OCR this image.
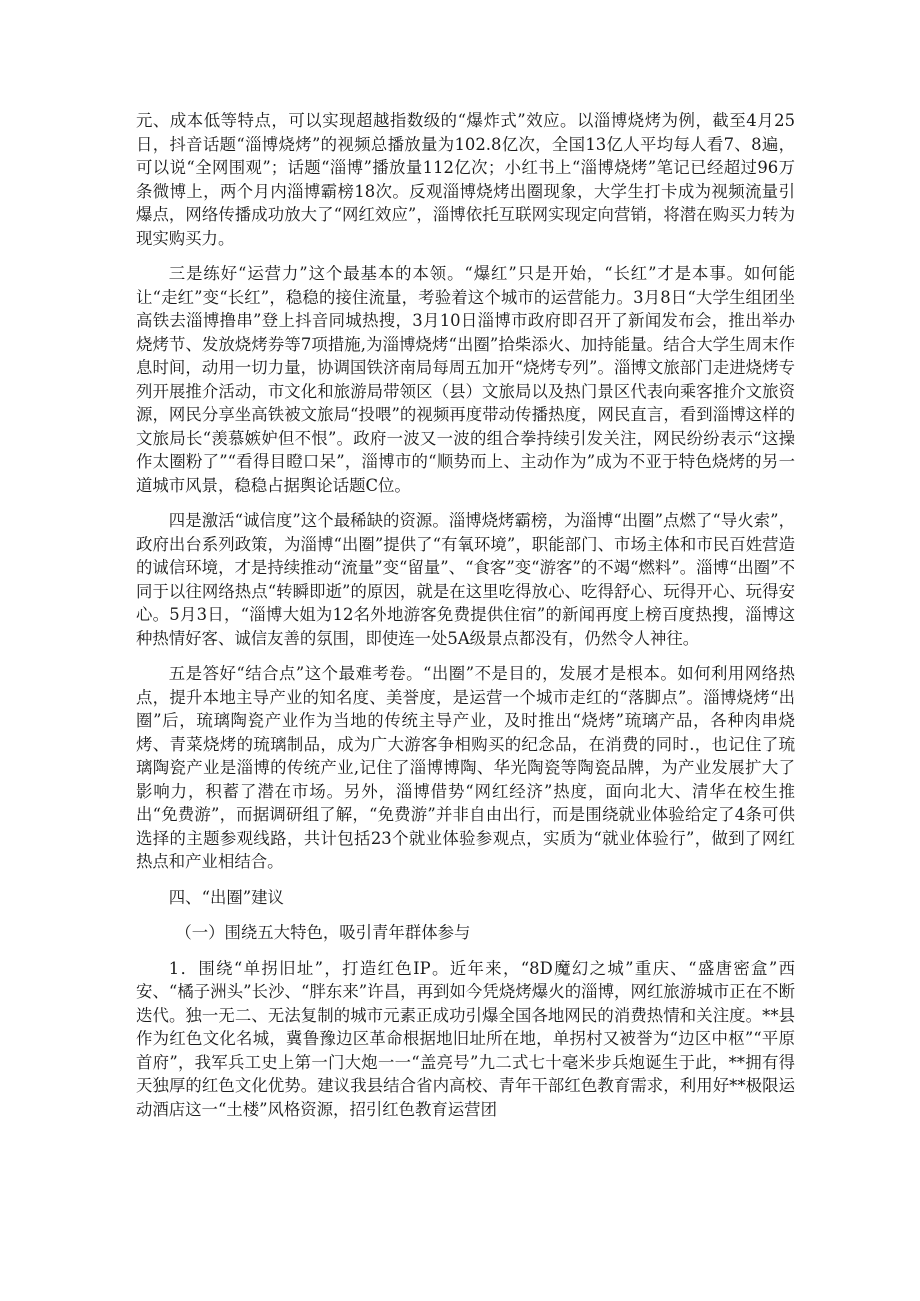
元、成本低等特点，可以实现超越指数级的“爆炸式”效应。以淄博烧烤为例，截至4月25日，抖音话题“淄博烧烤”的视频总播放量为102.8亿次，全国13亿人平均每人看7、8遍，可以说“全网围观”；话题“淄博”播放量112亿次；小红书上“淄博烧烤”笔记已经超过96万条微博上，两个月内淄博霸榜18次。反观淄博烧烤出圈现象，大学生打卡成为视频流量引爆点，网络传播成功放大了“网红效应”，淄博依托互联网实现定向营销，将潜在购买力转为现实购买力。

三是练好“运营力”这个最基本的本领。“爆红”只是开始，“长红”才是本事。如何能让“走红”变“长红”，稳稳的接住流量，考验着这个城市的运营能力。3月8日“大学生组团坐高铁去淄博撸串”登上抖音同城热搜，3月10日淄博市政府即召开了新闻发布会，推出举办烧烤节、发放烧烤券等7项措施,为淄博烧烤“出圈”拾柴添火、加持能量。结合大学生周末作息时间，动用一切力量，协调国铁济南局每周五加开“烧烤专列”。淄博文旅部门走进烧烤专列开展推介活动，市文化和旅游局带领区（县）文旅局以及热门景区代表向乘客推介文旅资源，网民分享坐高铁被文旅局“投喂”的视频再度带动传播热度，网民直言，看到淄博这样的文旅局长“羡慕嫉妒但不恨”。政府一波又一波的组合拳持续引发关注，网民纷纷表示“这操作太圈粉了”“看得目瞪口呆”，淄博市的“顺势而上、主动作为”成为不亚于特色烧烤的另一道城市风景，稳稳占据舆论话题C位。

四是激活“诚信度”这个最稀缺的资源。淄博烧烤霸榜，为淄博“出圈”点燃了“导火索”，政府出台系列政策，为淄博“出圈”提供了“有氧环境”，职能部门、市场主体和市民百姓营造的诚信环境，才是持续推动“流量”变“留量”、“食客”变“游客”的不竭“燃料”。淄博“出圈”不同于以往网络热点“转瞬即逝”的原因，就是在这里吃得放心、吃得舒心、玩得开心、玩得安心。5月3日，“淄博大姐为12名外地游客免费提供住宿”的新闻再度上榜百度热搜，淄博这种热情好客、诚信友善的氛围，即使连一处5A级景点都没有，仍然令人神往。

五是答好“结合点”这个最难考卷。“出圈”不是目的，发展才是根本。如何利用网络热点，提升本地主导产业的知名度、美誉度，是运营一个城市走红的“落脚点”。淄博烧烤“出圈”后，琉璃陶瓷产业作为当地的传统主导产业，及时推出“烧烤”琉璃产品，各种肉串烧烤、青菜烧烤的琉璃制品，成为广大游客争相购买的纪念品，在消费的同时.，也记住了琉璃陶瓷产业是淄博的传统产业,记住了淄博博陶、华光陶瓷等陶瓷品牌，为产业发展扩大了影响力，积蓄了潜在市场。另外，淄博借势“网红经济”热度，面向北大、清华在校生推出“免费游”，而据调研组了解，“免费游”并非自由出行，而是围绕就业体验给定了4条可供选择的主题参观线路，共计包括23个就业体验参观点，实质为“就业体验行”，做到了网红热点和产业相结合。

四、“出圈”建议

（一）围绕五大特色，吸引青年群体参与

1．围绕“单拐旧址”，打造红色IP。近年来，“8D魔幻之城”重庆、“盛唐密盒”西安、“橘子洲头”长沙、“胖东来”许昌，再到如今凭烧烤爆火的淄博，网红旅游城市正在不断迭代。独一无二、无法复制的城市元素正成功引爆全国各地网民的消费热情和关注度。**县作为红色文化名城，冀鲁豫边区革命根据地旧址所在地，单拐村又被誉为“边区中枢”“平原首府”，我军兵工史上第一门大炮一一“盖亮号”九二式七十毫米步兵炮诞生于此，**拥有得天独厚的红色文化优势。建议我县结合省内高校、青年干部红色教育需求，利用好**极限运动酒店这一“土楼”风格资源，招引红色教育运营团
